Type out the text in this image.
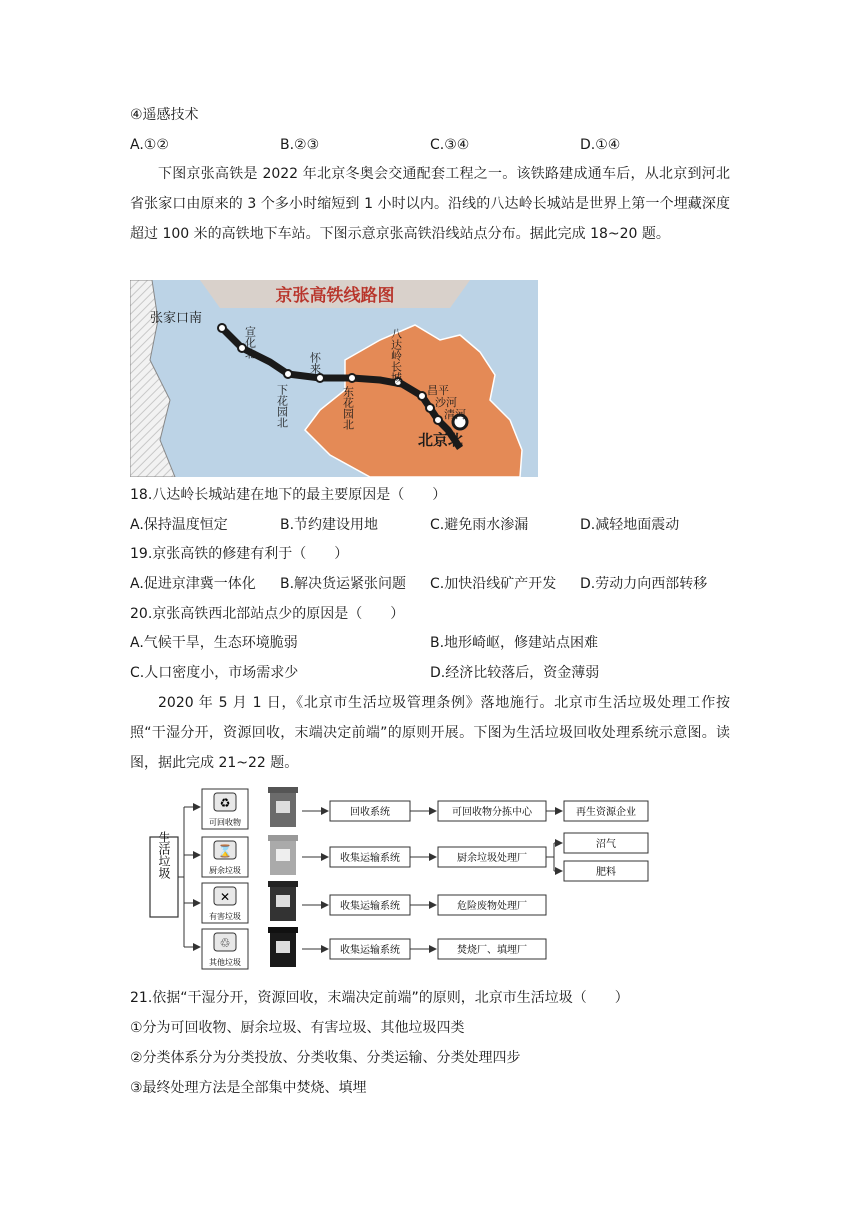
④遥感技术
A.①②	B.②③	C.③④	D.①④
下图京张高铁是 2022 年北京冬奥会交通配套工程之一。该铁路建成通车后，从北京到河北省张家口由原来的 3 个多小时缩短到 1 小时以内。沿线的八达岭长城站是世界上第一个埋藏深度超过 100 米的高铁地下车站。下图示意京张高铁沿线站点分布。据此完成 18~20 题。
京张高铁线路图
张家口南
宣化北
下花园北
怀来
东花园北
八达岭长城
昌平
沙河
清河
北京北
18.八达岭长城站建在地下的最主要原因是（　　）
A.保持温度恒定	B.节约建设用地	C.避免雨水渗漏	D.减轻地面震动
19.京张高铁的修建有利于（　　）
A.促进京津冀一体化 B.解决货运紧张问题 C.加快沿线矿产开发 D.劳动力向西部转移
20.京张高铁西北部站点少的原因是（　　）
A.气候干旱，生态环境脆弱	B.地形崎岖，修建站点困难
C.人口密度小，市场需求少	D.经济比较落后，资金薄弱
2020 年 5 月 1 日，《北京市生活垃圾管理条例》落地施行。北京市生活垃圾处理工作按照“干湿分开，资源回收，末端决定前端”的原则开展。下图为生活垃圾回收处理系统示意图。读图，据此完成 21~22 题。
生活垃圾
♻
可回收物
⌛
厨余垃圾
✕
有害垃圾
♲
其他垃圾
回收系统	可回收物分拣中心	再生资源企业
收集运输系统	厨余垃圾处理厂
沼气
肥料
收集运输系统	危险废物处理厂
收集运输系统	焚烧厂、填埋厂
21.依据“干湿分开，资源回收，末端决定前端”的原则，北京市生活垃圾（　　）
①分为可回收物、厨余垃圾、有害垃圾、其他垃圾四类
②分类体系分为分类投放、分类收集、分类运输、分类处理四步
③最终处理方法是全部集中焚烧、填埋
